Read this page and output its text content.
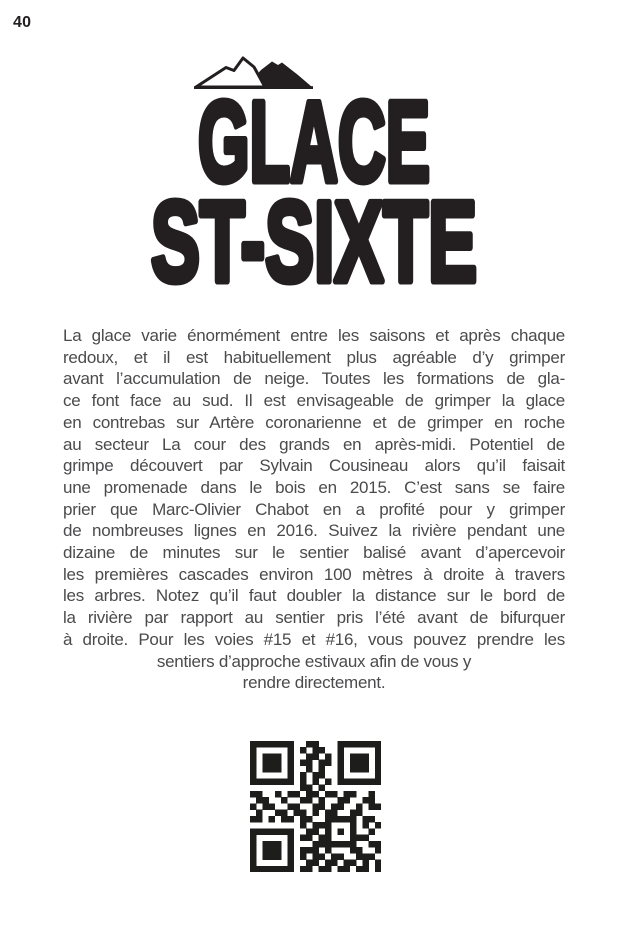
40
GLACE
ST-SIXTE
La glace varie énormément entre les saisons et après chaque
redoux, et il est habituellement plus agréable d’y grimper
avant l’accumulation de neige. Toutes les formations de gla-
ce font face au sud. Il est envisageable de grimper la glace
en contrebas sur Artère coronarienne et de grimper en roche
au secteur La cour des grands en après-midi. Potentiel de
grimpe découvert par Sylvain Cousineau alors qu’il faisait
une promenade dans le bois en 2015. C’est sans se faire
prier que Marc-Olivier Chabot en a profité pour y grimper
de nombreuses lignes en 2016. Suivez la rivière pendant une
dizaine de minutes sur le sentier balisé avant d’apercevoir
les premières cascades environ 100 mètres à droite à travers
les arbres. Notez qu’il faut doubler la distance sur le bord de
la rivière par rapport au sentier pris l’été avant de bifurquer
à droite. Pour les voies #15 et #16, vous pouvez prendre les
sentiers d’approche estivaux afin de vous y
rendre directement.
